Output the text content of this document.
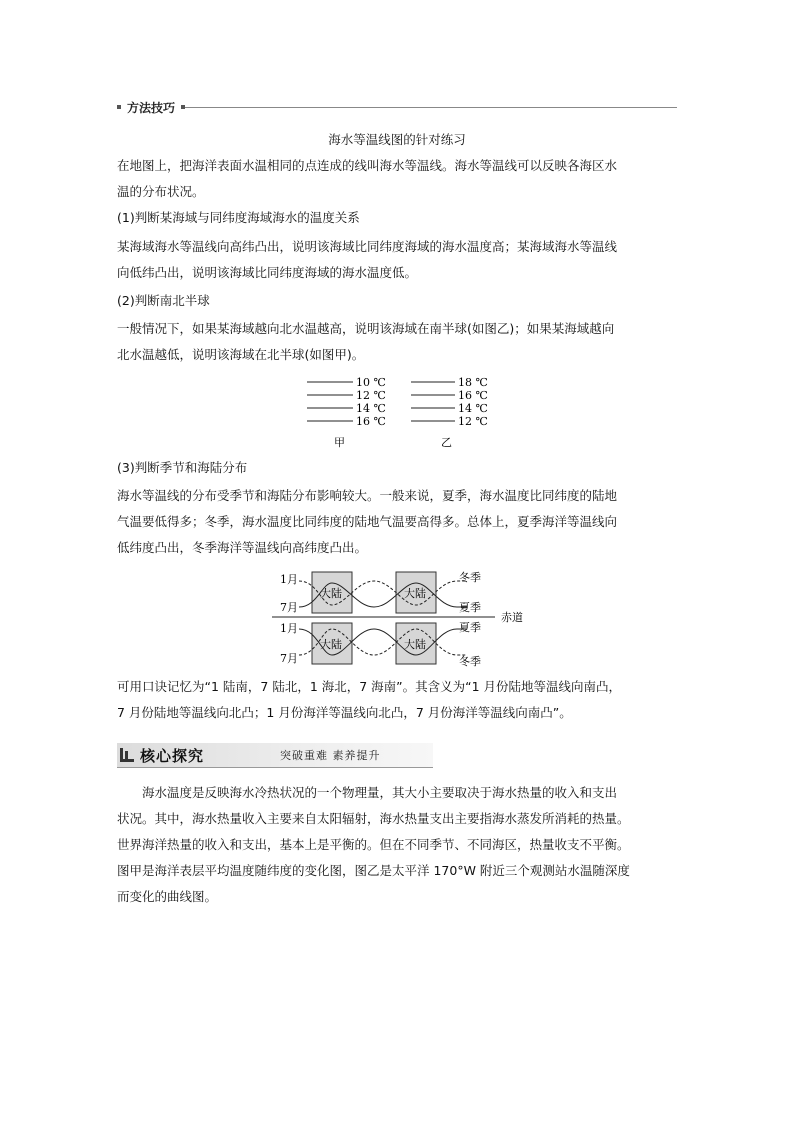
方法技巧
海水等温线图的针对练习
在地图上，把海洋表面水温相同的点连成的线叫海水等温线。海水等温线可以反映各海区水
温的分布状况。
(1)判断某海域与同纬度海域海水的温度关系
某海域海水等温线向高纬凸出，说明该海域比同纬度海域的海水温度高；某海域海水等温线
向低纬凸出，说明该海域比同纬度海域的海水温度低。
(2)判断南北半球
一般情况下，如果某海域越向北水温越高，说明该海域在南半球(如图乙)；如果某海域越向
北水温越低，说明该海域在北半球(如图甲)。
10 ℃
12 ℃
14 ℃
16 ℃
甲
18 ℃
16 ℃
14 ℃
12 ℃
乙
(3)判断季节和海陆分布
海水等温线的分布受季节和海陆分布影响较大。一般来说，夏季，海水温度比同纬度的陆地
气温要低得多；冬季，海水温度比同纬度的陆地气温要高得多。总体上，夏季海洋等温线向
低纬度凸出，冬季海洋等温线向高纬度凸出。
大陆	大陆
大陆	大陆
1月
7月
1月
7月
冬季
夏季
夏季
冬季
赤道
可用口诀记忆为“1 陆南，7 陆北，1 海北，7 海南”。其含义为“1 月份陆地等温线向南凸，
7 月份陆地等温线向北凸；1 月份海洋等温线向北凸，7 月份海洋等温线向南凸”。
核心探究	突破重难 素养提升
海水温度是反映海水冷热状况的一个物理量，其大小主要取决于海水热量的收入和支出
状况。其中，海水热量收入主要来自太阳辐射，海水热量支出主要指海水蒸发所消耗的热量。
世界海洋热量的收入和支出，基本上是平衡的。但在不同季节、不同海区，热量收支不平衡。
图甲是海洋表层平均温度随纬度的变化图，图乙是太平洋 170°W 附近三个观测站水温随深度
而变化的曲线图。
